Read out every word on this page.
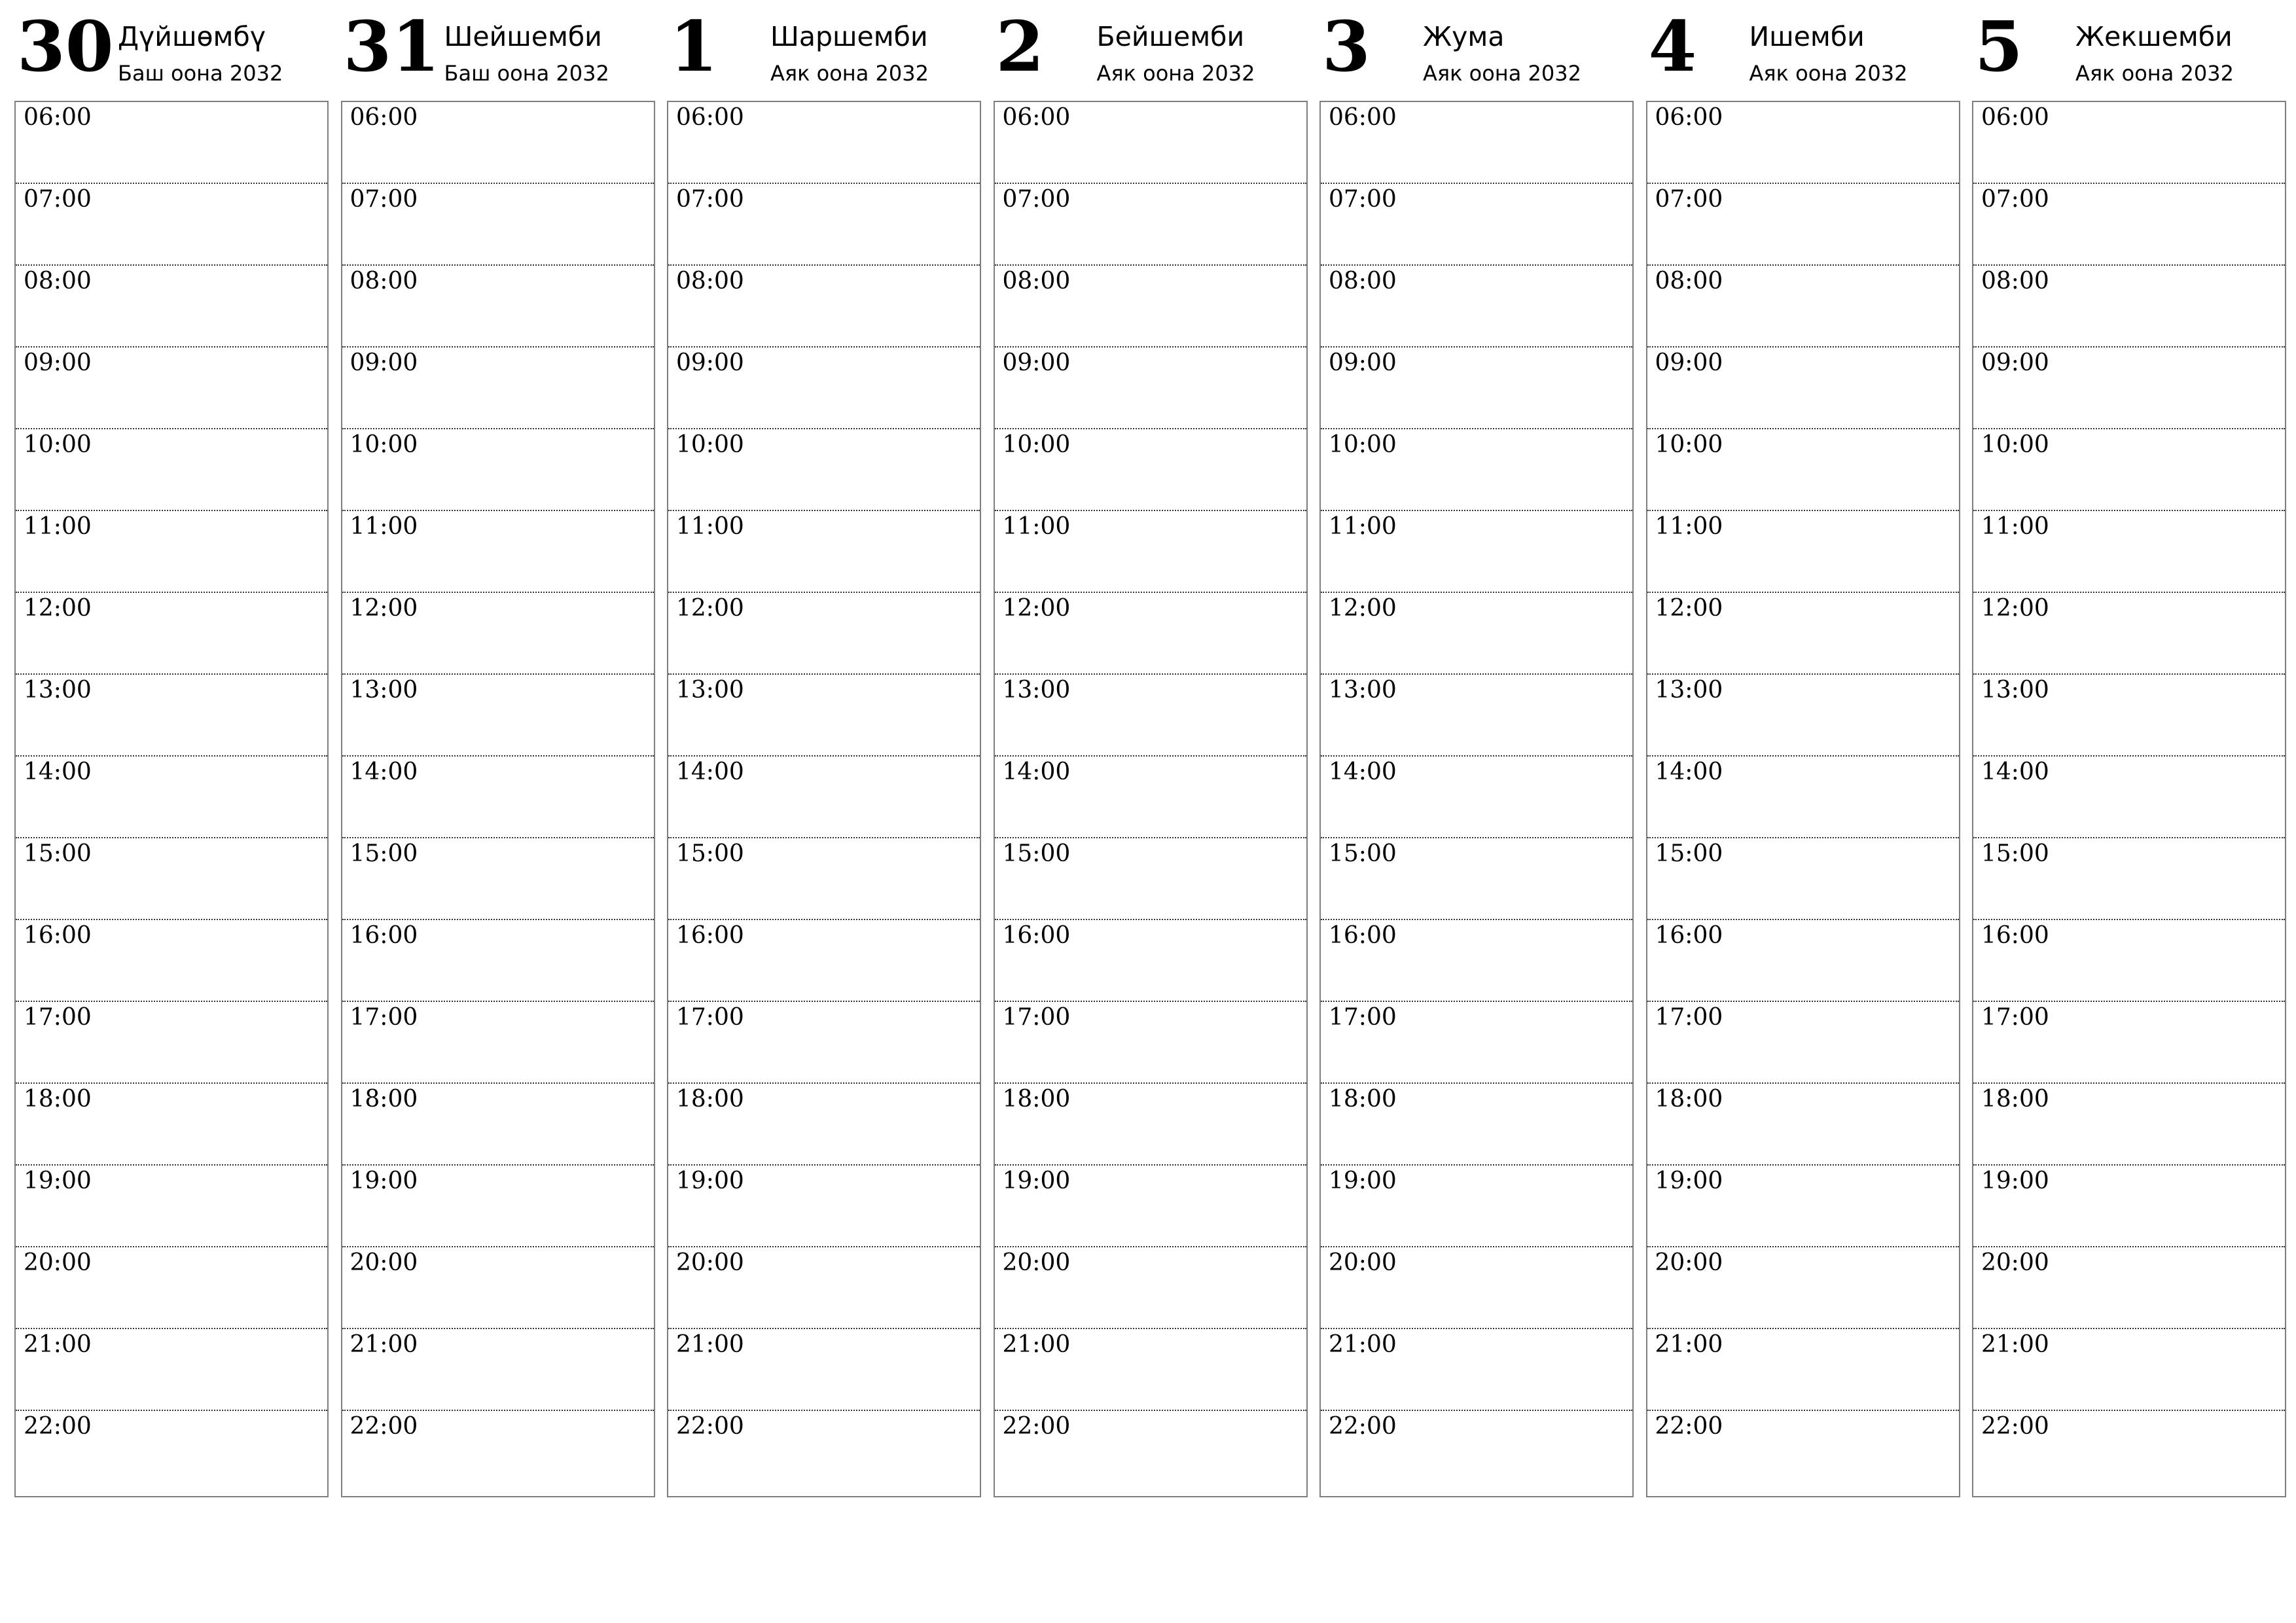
30 Дүйшөмбү
Баш оона 2032
06:00
07:00
08:00
09:00
10:00
11:00
12:00
13:00
14:00
15:00
16:00
17:00
18:00
19:00
20:00
21:00
22:00
31 Шейшемби
Баш оона 2032
06:00
07:00
08:00
09:00
10:00
11:00
12:00
13:00
14:00
15:00
16:00
17:00
18:00
19:00
20:00
21:00
22:00
1 Шаршемби
Аяк оона 2032
06:00
07:00
08:00
09:00
10:00
11:00
12:00
13:00
14:00
15:00
16:00
17:00
18:00
19:00
20:00
21:00
22:00
2 Бейшемби
Аяк оона 2032
06:00
07:00
08:00
09:00
10:00
11:00
12:00
13:00
14:00
15:00
16:00
17:00
18:00
19:00
20:00
21:00
22:00
3 Жума
Аяк оона 2032
06:00
07:00
08:00
09:00
10:00
11:00
12:00
13:00
14:00
15:00
16:00
17:00
18:00
19:00
20:00
21:00
22:00
4 Ишемби
Аяк оона 2032
06:00
07:00
08:00
09:00
10:00
11:00
12:00
13:00
14:00
15:00
16:00
17:00
18:00
19:00
20:00
21:00
22:00
5 Жекшемби
Аяк оона 2032
06:00
07:00
08:00
09:00
10:00
11:00
12:00
13:00
14:00
15:00
16:00
17:00
18:00
19:00
20:00
21:00
22:00
